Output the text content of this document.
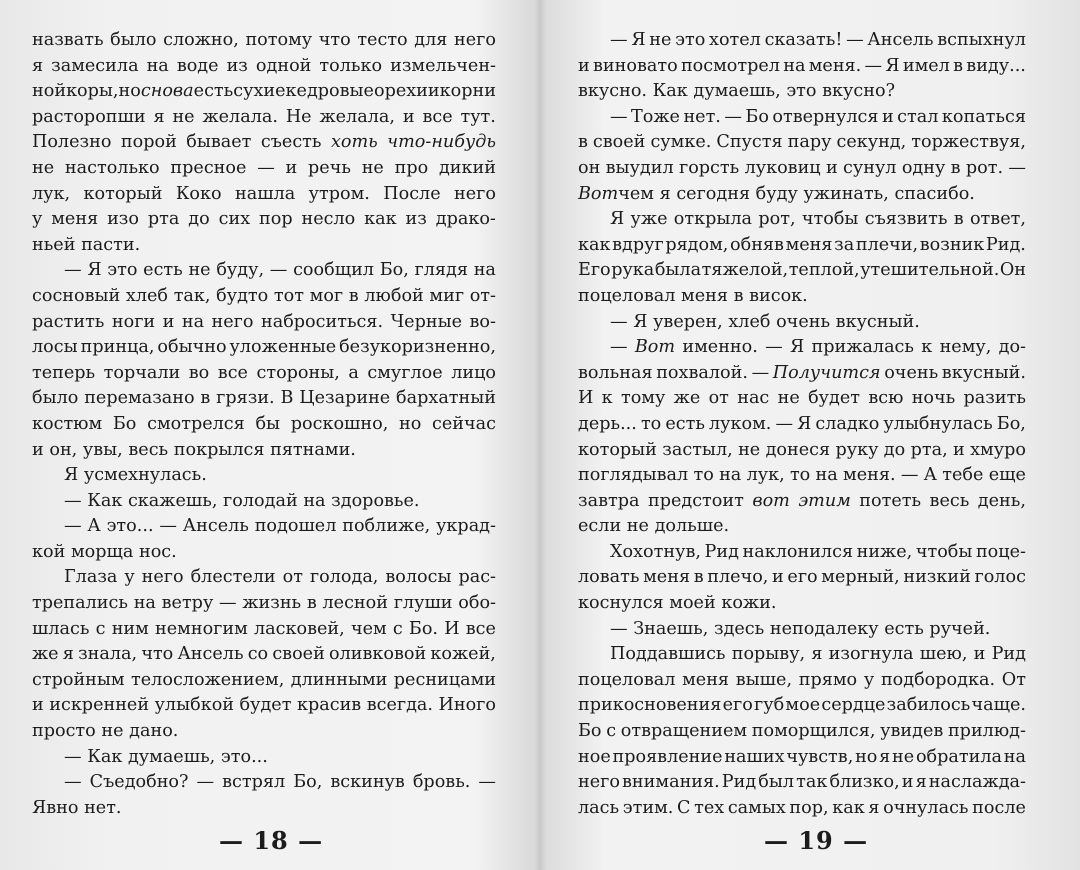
назвать было сложно, потому что тесто для него
я замесила на воде из одной только измельчен-
ной коры, но снова есть сухие кедровые орехи и корни
расторопши я не желала. Не желала, и все тут.
Полезно порой бывает съесть хоть что-нибудь
не настолько пресное — и речь не про дикий
лук, который Коко нашла утром. После него
у меня изо рта до сих пор несло как из драко-
ньей пасти.
— Я это есть не буду, — сообщил Бо, глядя на
сосновый хлеб так, будто тот мог в любой миг от-
растить ноги и на него наброситься. Черные во-
лосы принца, обычно уложенные безукоризненно,
теперь торчали во все стороны, а смуглое лицо
было перемазано в грязи. В Цезарине бархатный
костюм Бо смотрелся бы роскошно, но сейчас
и он, увы, весь покрылся пятнами.
Я усмехнулась.
— Как скажешь, голодай на здоровье.
— А это... — Ансель подошел поближе, украд-
кой морща нос.
Глаза у него блестели от голода, волосы рас-
трепались на ветру — жизнь в лесной глуши обо-
шлась с ним немногим ласковей, чем с Бо. И все
же я знала, что Ансель со своей оливковой кожей,
стройным телосложением, длинными ресницами
и искренней улыбкой будет красив всегда. Иного
просто не дано.
— Как думаешь, это...
— Съедобно? — встрял Бо, вскинув бровь. —
Явно нет.
— Я не это хотел сказать! — Ансель вспыхнул
и виновато посмотрел на меня. — Я имел в виду...
вкусно. Как думаешь, это вкусно?
— Тоже нет. — Бо отвернулся и стал копаться
в своей сумке. Спустя пару секунд, торжествуя,
он выудил горсть луковиц и сунул одну в рот. —
Вот чем я сегодня буду ужинать, спасибо.
Я уже открыла рот, чтобы съязвить в ответ,
как вдруг рядом, обняв меня за плечи, возник Рид.
Его рука была тяжелой, теплой, утешительной. Он
поцеловал меня в висок.
— Я уверен, хлеб очень вкусный.
— Вот именно. — Я прижалась к нему, до-
вольная похвалой. — Получится очень вкусный.
И к тому же от нас не будет всю ночь разить
дерь... то есть луком. — Я сладко улыбнулась Бо,
который застыл, не донеся руку до рта, и хмуро
поглядывал то на лук, то на меня. — А тебе еще
завтра предстоит вот этим потеть весь день,
если не дольше.
Хохотнув, Рид наклонился ниже, чтобы поце-
ловать меня в плечо, и его мерный, низкий голос
коснулся моей кожи.
— Знаешь, здесь неподалеку есть ручей.
Поддавшись порыву, я изогнула шею, и Рид
поцеловал меня выше, прямо у подбородка. От
прикосновения его губ мое сердце забилось чаще.
Бо с отвращением поморщился, увидев прилюд-
ное проявление наших чувств, но я не обратила на
него внимания. Рид был так близко, и я наслажда-
лась этим. С тех самых пор, как я очнулась после
— 18 —	— 19 —
